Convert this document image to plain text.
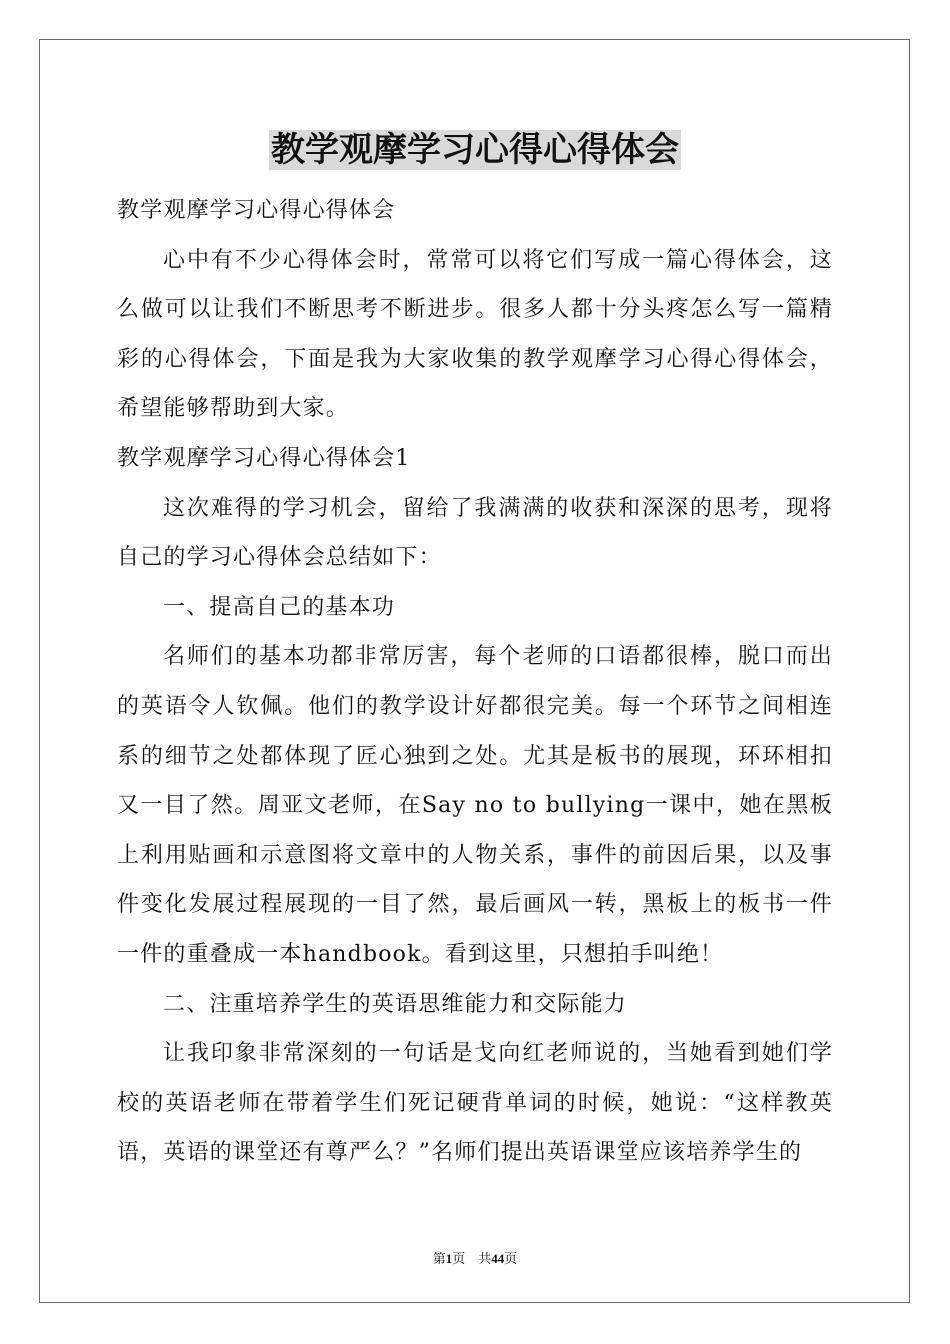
教学观摩学习心得心得体会

教学观摩学习心得心得体会

心中有不少心得体会时，常常可以将它们写成一篇心得体会，这么做可以让我们不断思考不断进步。很多人都十分头疼怎么写一篇精彩的心得体会，下面是我为大家收集的教学观摩学习心得心得体会，希望能够帮助到大家。

教学观摩学习心得心得体会1

这次难得的学习机会，留给了我满满的收获和深深的思考，现将自己的学习心得体会总结如下：

一、提高自己的基本功

名师们的基本功都非常厉害，每个老师的口语都很棒，脱口而出的英语令人钦佩。他们的教学设计好都很完美。每一个环节之间相连系的细节之处都体现了匠心独到之处。尤其是板书的展现，环环相扣又一目了然。周亚文老师，在Say no to bullying一课中，她在黑板上利用贴画和示意图将文章中的人物关系，事件的前因后果，以及事件变化发展过程展现的一目了然，最后画风一转，黑板上的板书一件一件的重叠成一本handbook。看到这里，只想拍手叫绝！

二、注重培养学生的英语思维能力和交际能力

让我印象非常深刻的一句话是戈向红老师说的，当她看到她们学校的英语老师在带着学生们死记硬背单词的时候，她说：“这样教英语，英语的课堂还有尊严么？”名师们提出英语课堂应该培养学生的

第1页 共44页
